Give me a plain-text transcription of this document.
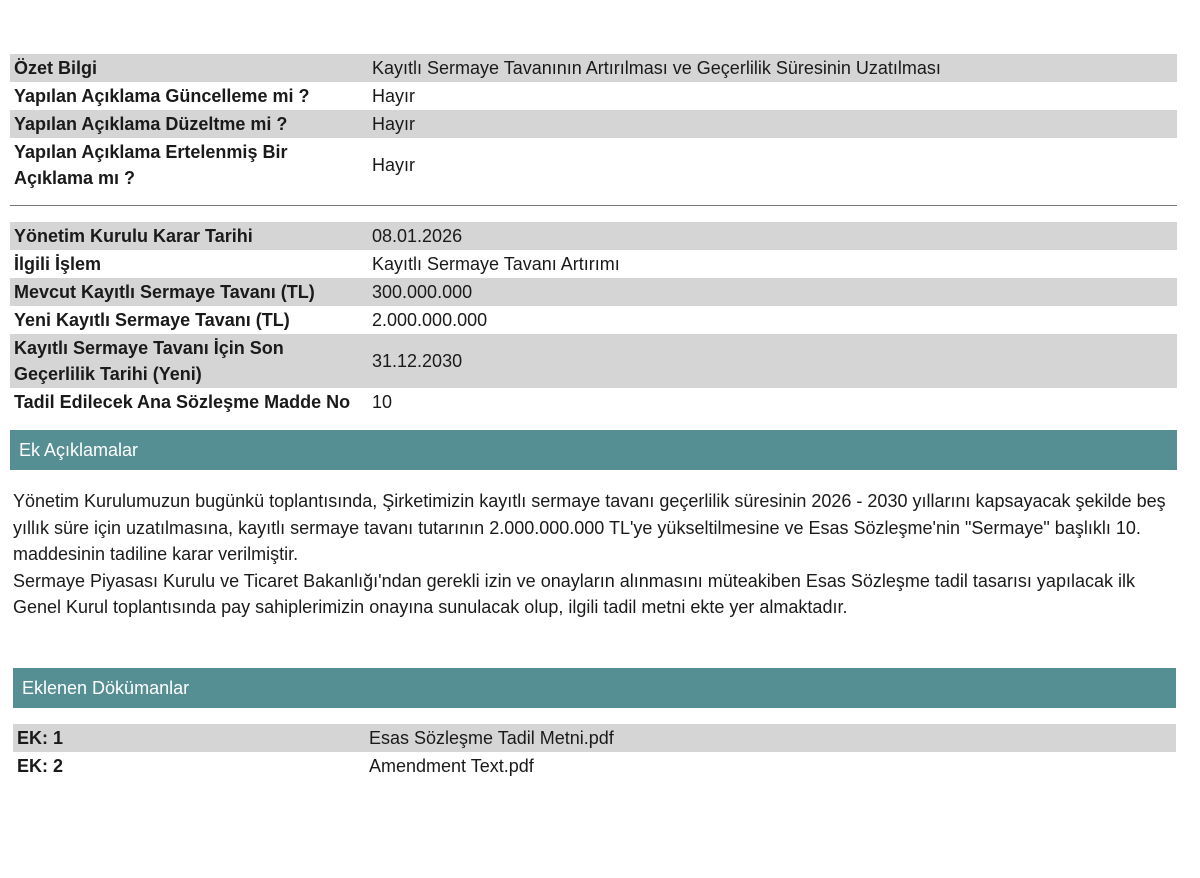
Özet Bilgi	Kayıtlı Sermaye Tavanının Artırılması ve Geçerlilik Süresinin Uzatılması
Yapılan Açıklama Güncelleme mi ?	Hayır
Yapılan Açıklama Düzeltme mi ?	Hayır
Yapılan Açıklama Ertelenmiş Bir Açıklama mı ?	Hayır
Yönetim Kurulu Karar Tarihi	08.01.2026
İlgili İşlem	Kayıtlı Sermaye Tavanı Artırımı
Mevcut Kayıtlı Sermaye Tavanı (TL)	300.000.000
Yeni Kayıtlı Sermaye Tavanı (TL)	2.000.000.000
Kayıtlı Sermaye Tavanı İçin Son Geçerlilik Tarihi (Yeni)	31.12.2030
Tadil Edilecek Ana Sözleşme Madde No	10
Ek Açıklamalar
Yönetim Kurulumuzun bugünkü toplantısında, Şirketimizin kayıtlı sermaye tavanı geçerlilik süresinin 2026 - 2030 yıllarını kapsayacak şekilde beş yıllık süre için uzatılmasına, kayıtlı sermaye tavanı tutarının 2.000.000.000 TL'ye yükseltilmesine ve Esas Sözleşme'nin "Sermaye" başlıklı 10. maddesinin tadiline karar verilmiştir.
Sermaye Piyasası Kurulu ve Ticaret Bakanlığı'ndan gerekli izin ve onayların alınmasını müteakiben Esas Sözleşme tadil tasarısı yapılacak ilk Genel Kurul toplantısında pay sahiplerimizin onayına sunulacak olup, ilgili tadil metni ekte yer almaktadır.
Eklenen Dökümanlar
EK: 1	Esas Sözleşme Tadil Metni.pdf
EK: 2	Amendment Text.pdf
